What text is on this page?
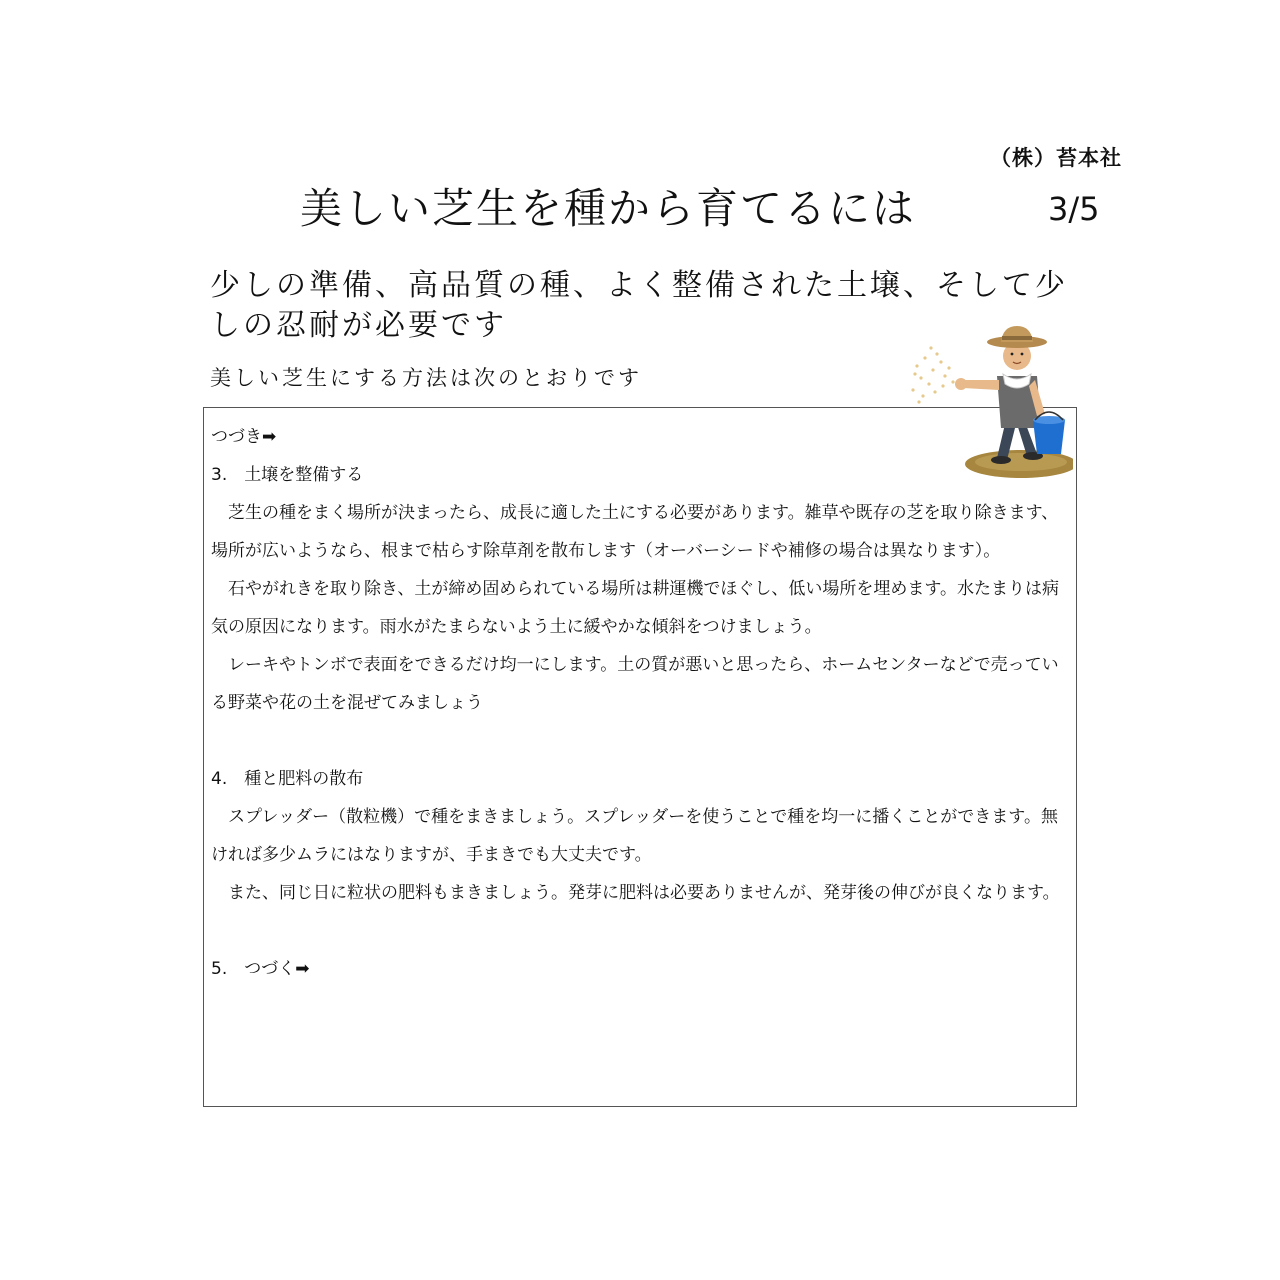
（株）苔本社
美しい芝生を種から育てるには	3/5
少しの準備、高品質の種、よく整備された土壌、そして少しの忍耐が必要です
美しい芝生にする方法は次のとおりです

つづき➡

3.　土壌を整備する

芝生の種をまく場所が決まったら、成長に適した土にする必要があります。雑草や既存の芝を取り除きます、場所が広いようなら、根まで枯らす除草剤を散布します（オーバーシードや補修の場合は異なります）。

石やがれきを取り除き、土が締め固められている場所は耕運機でほぐし、低い場所を埋めます。水たまりは病気の原因になります。雨水がたまらないよう土に緩やかな傾斜をつけましょう。

レーキやトンボで表面をできるだけ均一にします。土の質が悪いと思ったら、ホームセンターなどで売っている野菜や花の土を混ぜてみましょう

4.　種と肥料の散布

スプレッダー（散粒機）で種をまきましょう。スプレッダーを使うことで種を均一に播くことができます。無ければ多少ムラにはなりますが、手まきでも大丈夫です。

また、同じ日に粒状の肥料もまきましょう。発芽に肥料は必要ありませんが、発芽後の伸びが良くなります。

5.　つづく➡
